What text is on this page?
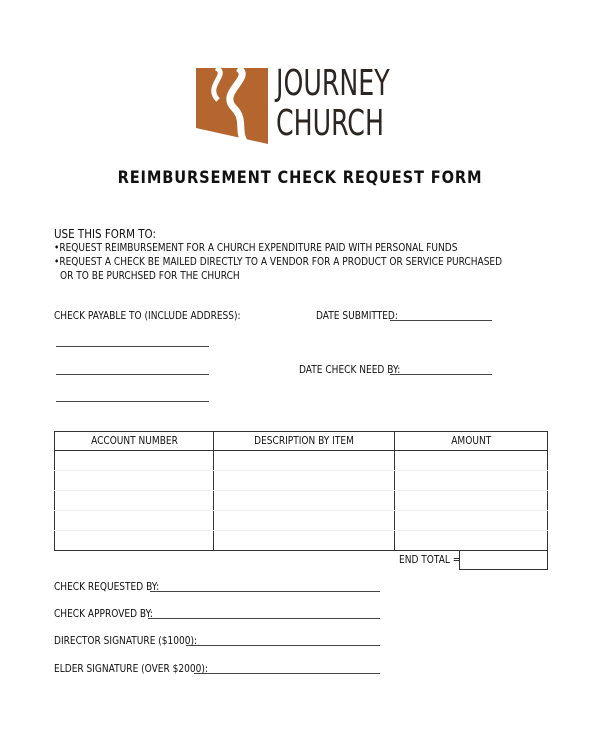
JOURNEY
CHURCH
REIMBURSEMENT CHECK REQUEST FORM
USE THIS FORM TO:
•REQUEST REIMBURSEMENT FOR A CHURCH EXPENDITURE PAID WITH PERSONAL FUNDS
•REQUEST A CHECK BE MAILED DIRECTLY TO A VENDOR FOR A PRODUCT OR SERVICE PURCHASED
OR TO BE PURCHSED FOR THE CHURCH
CHECK PAYABLE TO (INCLUDE ADDRESS):	DATE SUBMITTED:
DATE CHECK NEED BY:
ACCOUNT NUMBER	DESCRIPTION BY ITEM	AMOUNT

END TOTAL =
CHECK REQUESTED BY:
CHECK APPROVED BY:
DIRECTOR SIGNATURE ($1000):
ELDER SIGNATURE (OVER $2000):
